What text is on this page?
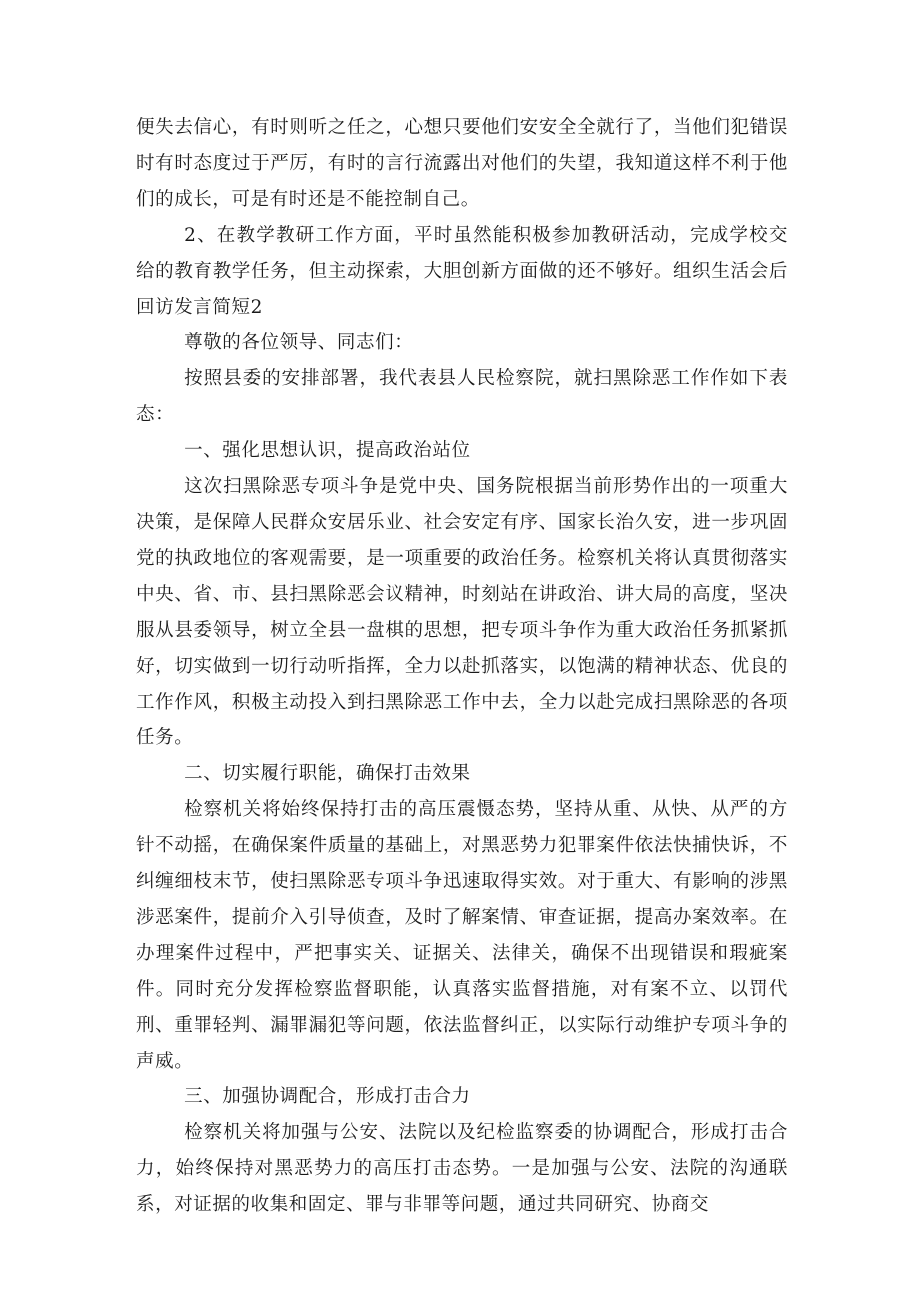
便失去信心，有时则听之任之，心想只要他们安安全全就行了，当他们犯错误时有时态度过于严厉，有时的言行流露出对他们的失望，我知道这样不利于他们的成长，可是有时还是不能控制自己。

2、在教学教研工作方面，平时虽然能积极参加教研活动，完成学校交给的教育教学任务，但主动探索，大胆创新方面做的还不够好。组织生活会后回访发言简短2

尊敬的各位领导、同志们：

按照县委的安排部署，我代表县人民检察院，就扫黑除恶工作作如下表态：

一、强化思想认识，提高政治站位

这次扫黑除恶专项斗争是党中央、国务院根据当前形势作出的一项重大决策，是保障人民群众安居乐业、社会安定有序、国家长治久安，进一步巩固党的执政地位的客观需要，是一项重要的政治任务。检察机关将认真贯彻落实中央、省、市、县扫黑除恶会议精神，时刻站在讲政治、讲大局的高度，坚决服从县委领导，树立全县一盘棋的思想，把专项斗争作为重大政治任务抓紧抓好，切实做到一切行动听指挥，全力以赴抓落实，以饱满的精神状态、优良的工作作风，积极主动投入到扫黑除恶工作中去，全力以赴完成扫黑除恶的各项任务。

二、切实履行职能，确保打击效果

检察机关将始终保持打击的高压震慑态势，坚持从重、从快、从严的方针不动摇，在确保案件质量的基础上，对黑恶势力犯罪案件依法快捕快诉，不纠缠细枝末节，使扫黑除恶专项斗争迅速取得实效。对于重大、有影响的涉黑涉恶案件，提前介入引导侦查，及时了解案情、审查证据，提高办案效率。在办理案件过程中，严把事实关、证据关、法律关，确保不出现错误和瑕疵案件。同时充分发挥检察监督职能，认真落实监督措施，对有案不立、以罚代刑、重罪轻判、漏罪漏犯等问题，依法监督纠正，以实际行动维护专项斗争的声威。

三、加强协调配合，形成打击合力

检察机关将加强与公安、法院以及纪检监察委的协调配合，形成打击合力，始终保持对黑恶势力的高压打击态势。一是加强与公安、法院的沟通联系，对证据的收集和固定、罪与非罪等问题，通过共同研究、协商交
